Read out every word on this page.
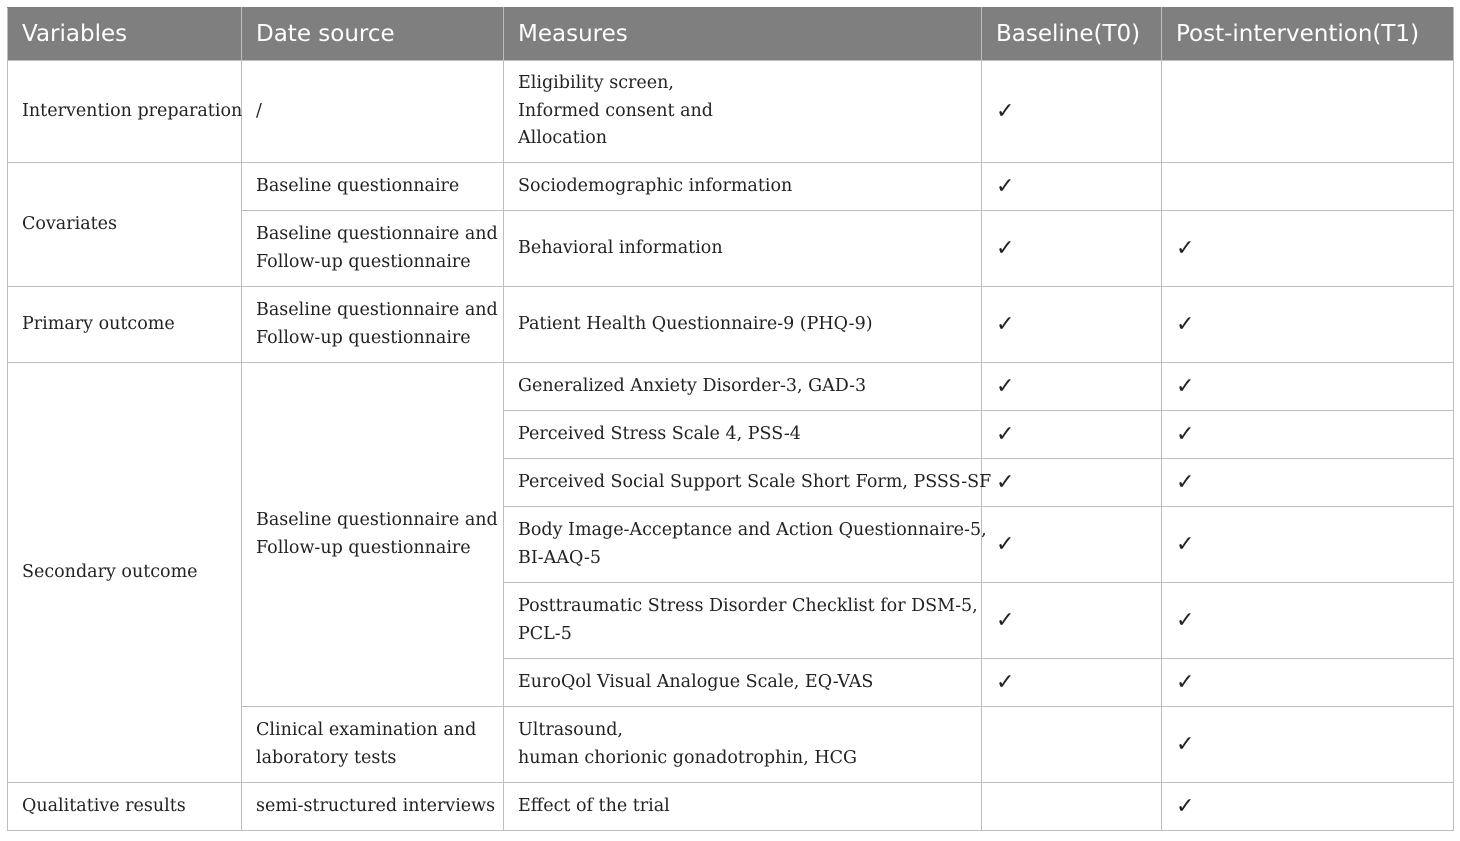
Variables	Date source	Measures	Baseline(T0)	Post-intervention(T1)
Intervention preparation	/	Eligibility screen,
Informed consent and
Allocation	✓	
Covariates	Baseline questionnaire	Sociodemographic information	✓	

	Baseline questionnaire and
Follow-up questionnaire	Behavioral information	✓	✓
Primary outcome	Baseline questionnaire and
Follow-up questionnaire	Patient Health Questionnaire-9 (PHQ-9)	✓	✓
Secondary outcome	Baseline questionnaire and
Follow-up questionnaire	Generalized Anxiety Disorder-3, GAD-3	✓	✓
		Perceived Stress Scale 4, PSS-4	✓	✓
		Perceived Social Support Scale Short Form, PSSS-SF	✓	✓

		Body Image-Acceptance and Action Questionnaire-5,
BI-AAQ-5	✓	✓

		Posttraumatic Stress Disorder Checklist for DSM-5,
PCL-5	✓	✓
		EuroQol Visual Analogue Scale, EQ-VAS	✓	✓

	Clinical examination and
laboratory tests	Ultrasound,
human chorionic gonadotrophin, HCG		✓
Qualitative results	semi-structured interviews	Effect of the trial		✓
